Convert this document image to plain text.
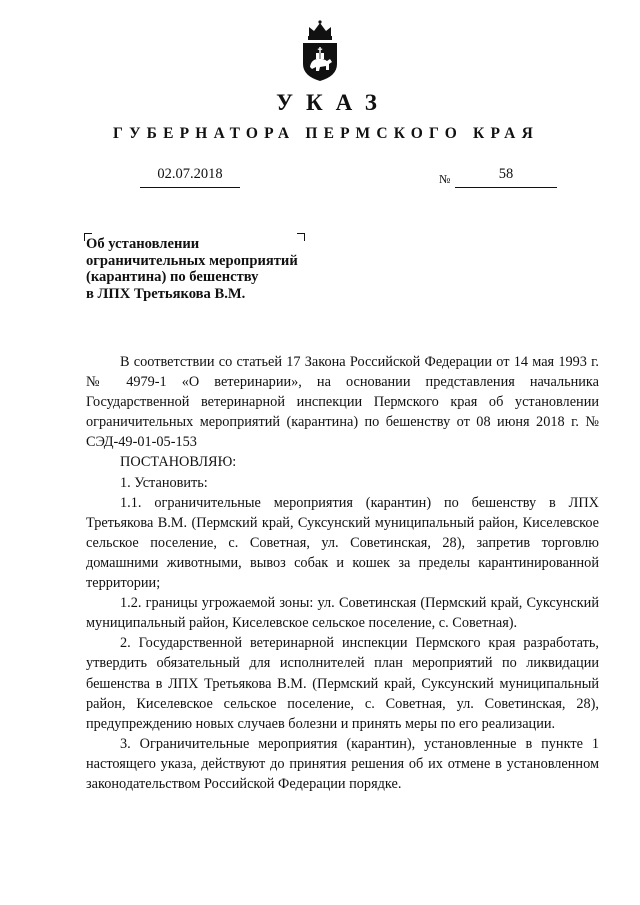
УКАЗ
ГУБЕРНАТОРА ПЕРМСКОГО КРАЯ
02.07.2018	№	58
Об установлении
ограничительных мероприятий
(карантина) по бешенству
в ЛПХ Третьякова В.М.

В соответствии со статьей 17 Закона Российской Федерации от 14 мая 1993 г. № 4979-1 «О ветеринарии», на основании представления начальника Государственной ветеринарной инспекции Пермского края об установлении ограничительных мероприятий (карантина) по бешенству от 08 июня 2018 г. № СЭД-49-01-05-153

ПОСТАНОВЛЯЮ:

1. Установить:

1.1. ограничительные мероприятия (карантин) по бешенству в ЛПХ Третьякова В.М. (Пермский край, Суксунский муниципальный район, Киселевское сельское поселение, с. Советная, ул. Советинская, 28), запретив торговлю домашними животными, вывоз собак и кошек за пределы карантинированной территории;

1.2. границы угрожаемой зоны: ул. Советинская (Пермский край, Суксунский муниципальный район, Киселевское сельское поселение, с. Советная).

2. Государственной ветеринарной инспекции Пермского края разработать, утвердить обязательный для исполнителей план мероприятий по ликвидации бешенства в ЛПХ Третьякова В.М. (Пермский край, Суксунский муниципальный район, Киселевское сельское поселение, с. Советная, ул. Советинская, 28), предупреждению новых случаев болезни и принять меры по его реализации.

3. Ограничительные мероприятия (карантин), установленные в пункте 1 настоящего указа, действуют до принятия решения об их отмене в установленном законодательством Российской Федерации порядке.
